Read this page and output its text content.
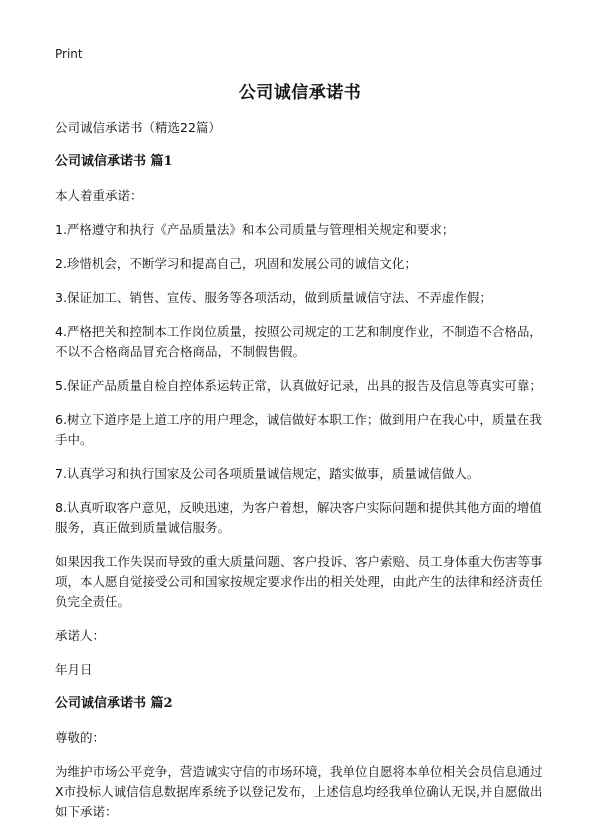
Print
公司诚信承诺书
公司诚信承诺书（精选22篇）
公司诚信承诺书 篇1
本人着重承诺：
1.严格遵守和执行《产品质量法》和本公司质量与管理相关规定和要求；
2.珍惜机会，不断学习和提高自己，巩固和发展公司的诚信文化；
3.保证加工、销售、宣传、服务等各项活动，做到质量诚信守法、不弄虚作假；
4.严格把关和控制本工作岗位质量，按照公司规定的工艺和制度作业，不制造不合格品，不以不合格商品冒充合格商品，不制假售假。
5.保证产品质量自检自控体系运转正常，认真做好记录，出具的报告及信息等真实可靠；
6.树立下道序是上道工序的用户理念，诚信做好本职工作；做到用户在我心中，质量在我手中。
7.认真学习和执行国家及公司各项质量诚信规定，踏实做事，质量诚信做人。
8.认真听取客户意见，反映迅速，为客户着想，解决客户实际问题和提供其他方面的增值服务，真正做到质量诚信服务。
如果因我工作失误而导致的重大质量问题、客户投诉、客户索赔、员工身体重大伤害等事项，本人愿自觉接受公司和国家按规定要求作出的相关处理，由此产生的法律和经济责任负完全责任。
承诺人：
年月日
公司诚信承诺书 篇2
尊敬的：
为维护市场公平竞争，营造诚实守信的市场环境，我单位自愿将本单位相关会员信息通过X市投标人诚信信息数据库系统予以登记发布，上述信息均经我单位确认无误,并自愿做出如下承诺：
